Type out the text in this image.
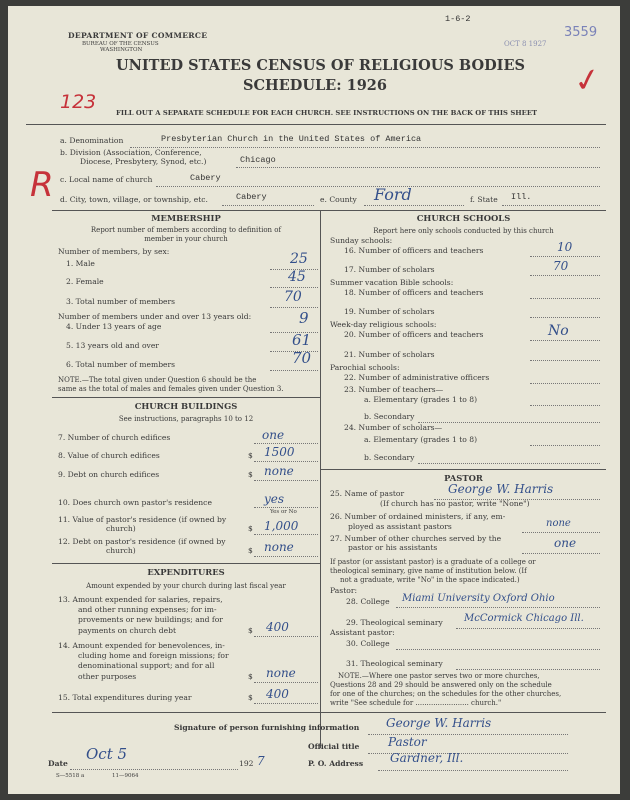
DEPARTMENT OF COMMERCE
BUREAU OF THE CENSUS
WASHINGTON
1-6-2
OCT 8 1927
3559
UNITED STATES CENSUS OF RELIGIOUS BODIES
SCHEDULE: 1926
123
✓
FILL OUT A SEPARATE SCHEDULE FOR EACH CHURCH. SEE INSTRUCTIONS ON THE BACK OF THIS SHEET
a. Denomination	Presbyterian Church in the United States of America
b. Division (Association, Conference,
Diocese, Presbytery, Synod, etc.)	Chicago
R c. Local name of church	Cabery
d. City, town, village, or township, etc.	Cabery	e. County Ford	f. State Ill.
MEMBERSHIP
Report number of members according to definition of
member in your church
Number of members, by sex:
1. Male	25
2. Female	45
3. Total number of members	70
Number of members under and over 13 years old:
4. Under 13 years of age	9
5. 13 years old and over	61
6. Total number of members	70
NOTE.—The total given under Question 6 should be the
same as the total of males and females given under Question 3.
CHURCH BUILDINGS
See instructions, paragraphs 10 to 12
7. Number of church edifices	one
8. Value of church edifices	$ 1500
9. Debt on church edifices	$ none
10. Does church own pastor's residence	yes
Yes or No
11. Value of pastor's residence (if owned by
church)	$ 1,000
12. Debt on pastor's residence (if owned by
church)	$ none
EXPENDITURES
Amount expended by your church during last fiscal year
13. Amount expended for salaries, repairs,
and other running expenses; for im-
provements or new buildings; and for
payments on church debt	$ 400
14. Amount expended for benevolences, in-
cluding home and foreign missions; for
denominational support; and for all
other purposes	$ none
15. Total expenditures during year	$ 400
CHURCH SCHOOLS
Report here only schools conducted by this church
Sunday schools:
16. Number of officers and teachers	10
17. Number of scholars	70
Summer vacation Bible schools:
18. Number of officers and teachers
19. Number of scholars
Week-day religious schools:
20. Number of officers and teachers	No
21. Number of scholars
Parochial schools:
22. Number of administrative officers
23. Number of teachers—
a. Elementary (grades 1 to 8)
b. Secondary
24. Number of scholars—
a. Elementary (grades 1 to 8)
b. Secondary
PASTOR
25. Name of pastor	George W. Harris
(If church has no pastor, write "None")
26. Number of ordained ministers, if any, em-
ployed as assistant pastors	none
27. Number of other churches served by the
pastor or his assistants	one
If pastor (or assistant pastor) is a graduate of a college or
theological seminary, give name of institution below. (If
not a graduate, write "No" in the space indicated.)
Pastor:
28. College Miami University Oxford Ohio
29. Theological seminary McCormick Chicago Ill.
Assistant pastor:
30. College
31. Theological seminary
NOTE.—Where one pastor serves two or more churches,
Questions 28 and 29 should be answered only on the schedule
for one of the churches; on the schedules for the other churches,
write "See schedule for ........................ church."
Signature of person furnishing information George W. Harris
Official title Pastor
Date
Oct 5
192 7	P. O. Address Gardner, Ill.
S—5518 a	11—9064
